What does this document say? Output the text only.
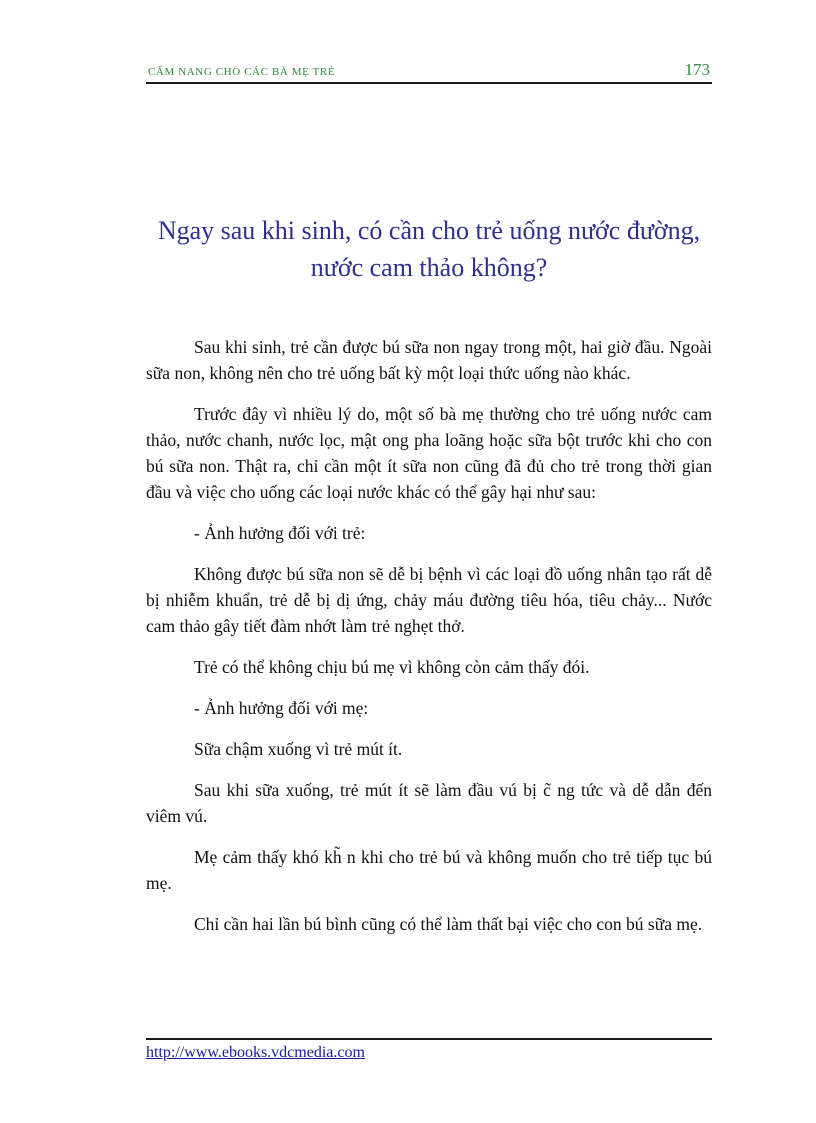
CẨM NANG CHO CÁC BÀ MẸ TRẺ	173
Ngay sau khi sinh, có cần cho trẻ uống nước đường,
nước cam thảo không?

Sau khi sinh, trẻ cần được bú sữa non ngay trong một, hai giờ đầu. Ngoài sữa non, không nên cho trẻ uống bất kỳ một loại thức uống nào khác.

Trước đây vì nhiều lý do, một số bà mẹ thường cho trẻ uống nước cam thảo, nước chanh, nước lọc, mật ong pha loãng hoặc sữa bột trước khi cho con bú sữa non. Thật ra, chỉ cần một ít sữa non cũng đã đủ cho trẻ trong thời gian đầu và việc cho uống các loại nước khác có thể gây hại như sau:

- Ảnh hưởng đối với trẻ:

Không được bú sữa non sẽ dễ bị bệnh vì các loại đồ uống nhân tạo rất dễ bị nhiễm khuẩn, trẻ dễ bị dị ứng, chảy máu đường tiêu hóa, tiêu chảy... Nước cam thảo gây tiết đàm nhớt làm trẻ nghẹt thở.

Trẻ có thể không chịu bú mẹ vì không còn cảm thấy đói.

- Ảnh hưởng đối với mẹ:

Sữa chậm xuống vì trẻ mút ít.

Sau khi sữa xuống, trẻ mút ít sẽ làm đầu vú bị c̃ ng tức và dễ dẫn đến viêm vú.

Mẹ cảm thấy khó kh̃ n khi cho trẻ bú và không muốn cho trẻ tiếp tục bú mẹ.

Chỉ cần hai lần bú bình cũng có thể làm thất bại việc cho con bú sữa mẹ.

http://www.ebooks.vdcmedia.com
